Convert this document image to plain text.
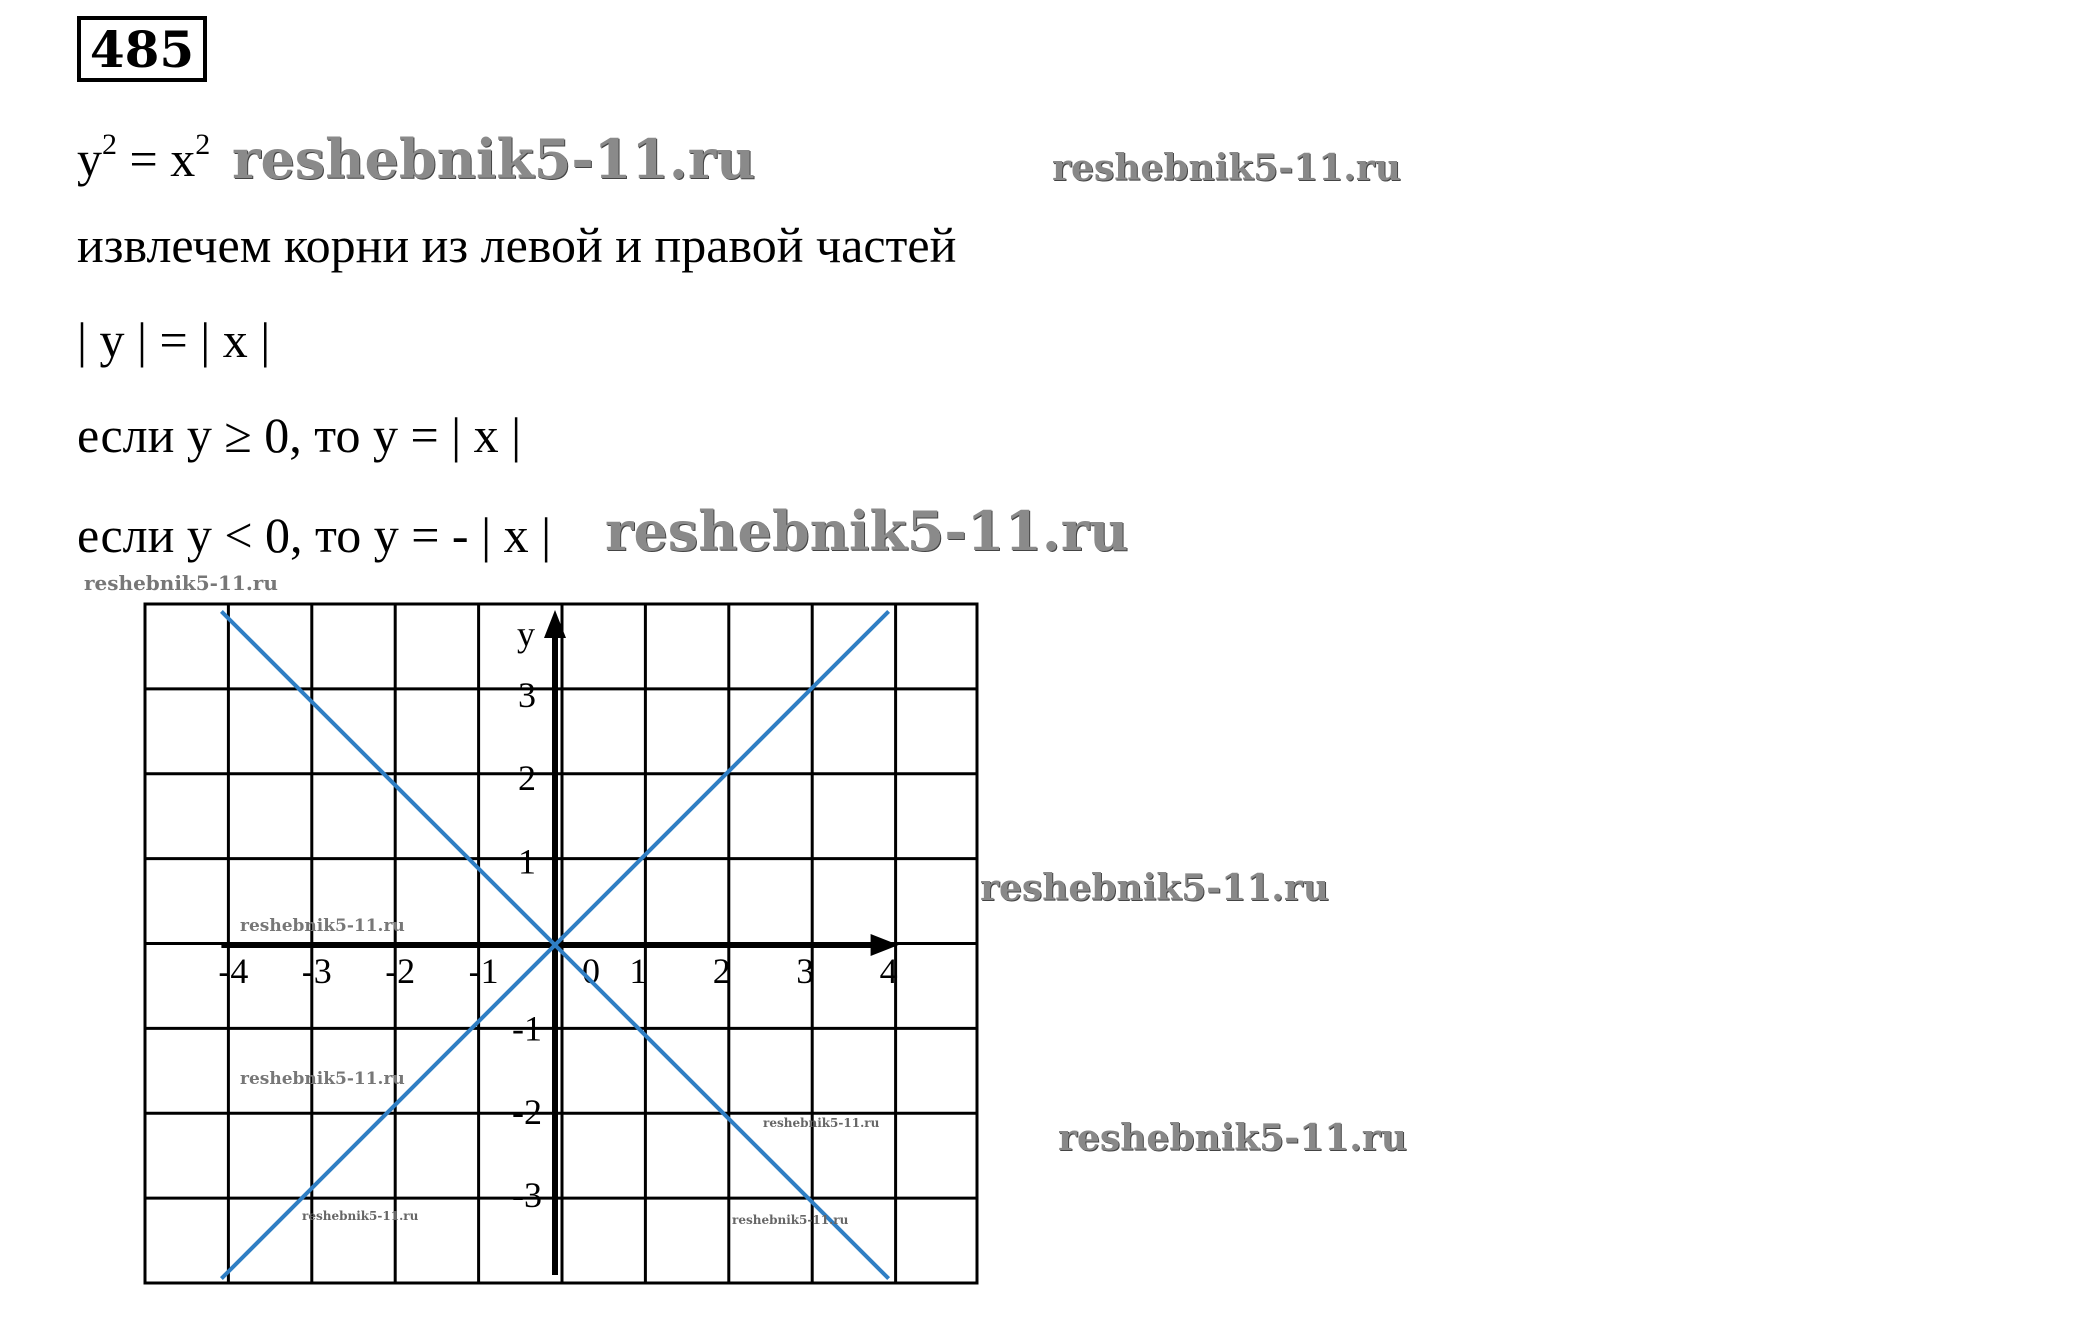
485
$y^2 = x^2$
извлечем корни из левой и правой частей
| y | = | x |
если y ≥ 0, то y = | x |
если y < 0, то y = - | x |
y
-4 -3 -2 -1 0 1 2 3 4
3
2
1
-1
-2
-3
reshebnik5-11.ru	reshebnik5-11.ru
reshebnik5-11.ru
reshebnik5-11.ru
reshebnik5-11.ru
reshebnik5-11.ru
reshebnik5-11.ru
reshebnik5-11.ru
reshebnik5-11.ru
reshebnik5-11.ru	reshebnik5-11.ru
